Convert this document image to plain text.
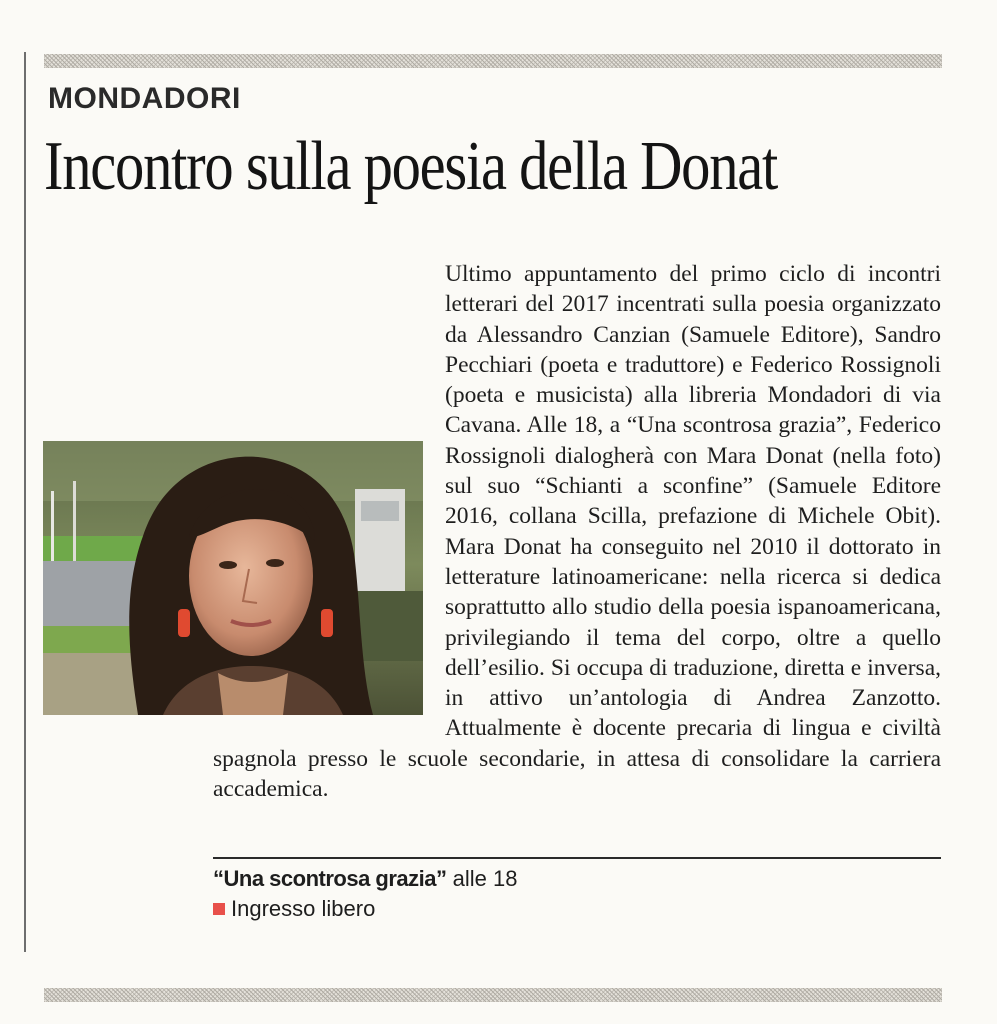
MONDADORI
Incontro sulla poesia della Donat

Ultimo appuntamento del primo ciclo di incontri letterari del 2017 incentrati sulla poesia organizzato da Alessandro Canzian (Samuele Editore), Sandro Pecchiari (poeta e traduttore) e Federico Rossignoli (poeta e musicista) alla libreria Mondadori di via Cavana. Alle 18, a “Una scontrosa grazia”, Federico Rossignoli dialogherà con Mara Donat (nella foto) sul suo “Schianti a sconfine” (Samuele Editore 2016, collana Scilla, prefazione di Michele Obit). Mara Donat ha conseguito nel 2010 il dottorato in letterature latinoamericane: nella ricerca si dedica soprattutto allo studio della poesia ispanoamericana, privilegiando il tema del corpo, oltre a quello dell’esilio. Si occupa di traduzione, diretta e inversa, in attivo un’antologia di Andrea Zanzotto. Attualmente è docente precaria di lingua e civiltà spagnola presso le scuole secondarie, in attesa di consolidare la carriera accademica.

“Una scontrosa grazia” alle 18

Ingresso libero
